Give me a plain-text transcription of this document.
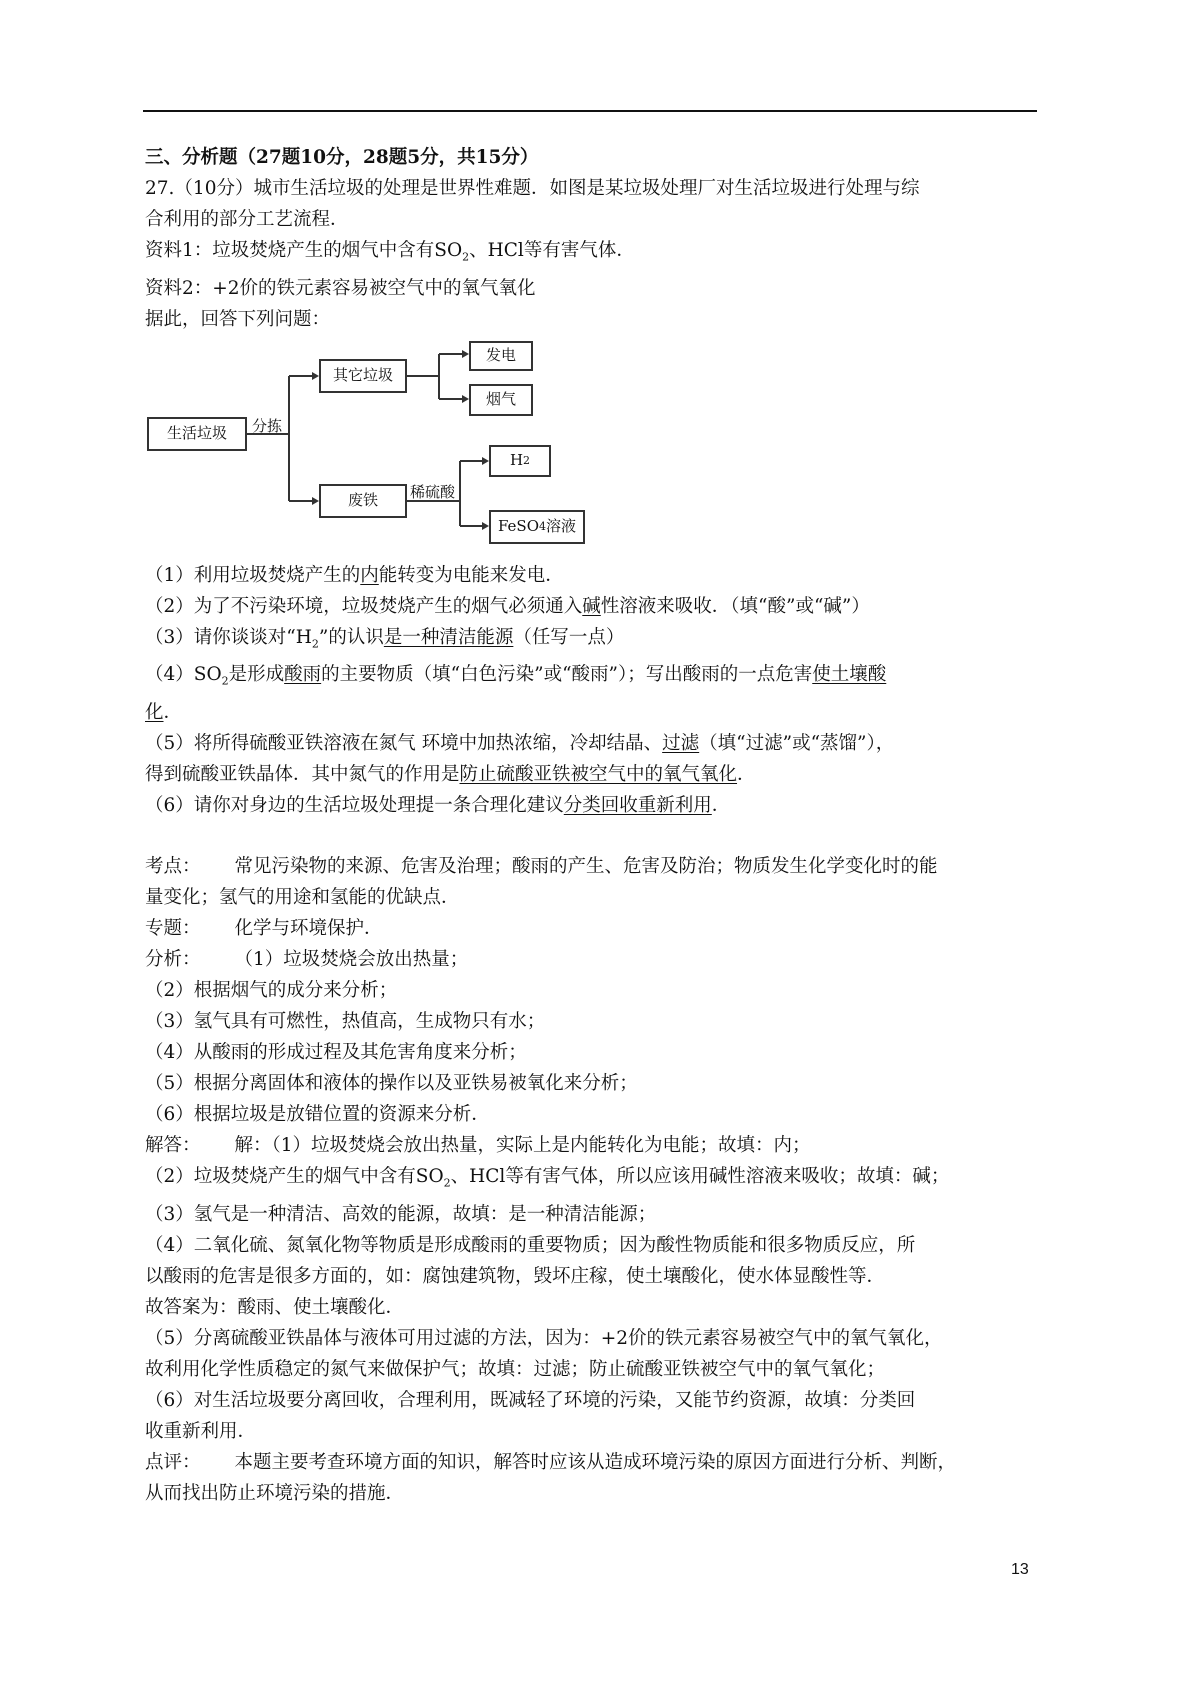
三、分析题（27题10分，28题5分，共15分）

27.（10分）城市生活垃圾的处理是世界性难题．如图是某垃圾处理厂对生活垃圾进行处理与综

合利用的部分工艺流程．

资料1：垃圾焚烧产生的烟气中含有$SO_2$、HCl等有害气体．

资料2：+2价的铁元素容易被空气中的氧气氧化

据此，回答下列问题：

生活垃圾 分拣
其它垃圾
废铁 稀硫酸
发电
烟气
H 2
FeSO 4 溶液

（1）利用垃圾焚烧产生的内能转变为电能来发电．

（2）为了不污染环境，垃圾焚烧产生的烟气必须通入碱性溶液来吸收．（填“酸”或“碱”）

（3）请你谈谈对“$H_2$”的认识是一种清洁能源（任写一点）

$(4)SO_2$是形成酸雨的主要物质（填“白色污染”或“酸雨”）；写出酸雨的一点危害使土壤酸

化．

（5）将所得硫酸亚铁溶液在氮气 环境中加热浓缩，冷却结晶、过滤（填“过滤”或“蒸馏”），

得到硫酸亚铁晶体．其中氮气的作用是防止硫酸亚铁被空气中的氧气氧化．

（6）请你对身边的生活垃圾处理提一条合理化建议分类回收重新利用．

考点： 常见污染物的来源、危害及治理；酸雨的产生、危害及防治；物质发生化学变化时的能

量变化；氢气的用途和氢能的优缺点．

专题： 化学与环境保护．

分析： （1）垃圾焚烧会放出热量；

（2）根据烟气的成分来分析；

（3）氢气具有可燃性，热值高，生成物只有水；

（4）从酸雨的形成过程及其危害角度来分析；

（5）根据分离固体和液体的操作以及亚铁易被氧化来分析；

（6）根据垃圾是放错位置的资源来分析．

解答： 解：（1）垃圾焚烧会放出热量，实际上是内能转化为电能；故填：内；

（2）垃圾焚烧产生的烟气中含有$SO_2$、HCl等有害气体，所以应该用碱性溶液来吸收；故填：碱；

（3）氢气是一种清洁、高效的能源，故填：是一种清洁能源；

（4）二氧化硫、氮氧化物等物质是形成酸雨的重要物质；因为酸性物质能和很多物质反应，所

以酸雨的危害是很多方面的，如：腐蚀建筑物，毁坏庄稼，使土壤酸化，使水体显酸性等．

故答案为：酸雨、使土壤酸化．

（5）分离硫酸亚铁晶体与液体可用过滤的方法，因为：+2价的铁元素容易被空气中的氧气氧化，

故利用化学性质稳定的氮气来做保护气；故填：过滤；防止硫酸亚铁被空气中的氧气氧化；

（6）对生活垃圾要分离回收，合理利用，既减轻了环境的污染，又能节约资源，故填：分类回

收重新利用．

点评： 本题主要考查环境方面的知识，解答时应该从造成环境污染的原因方面进行分析、判断，

从而找出防止环境污染的措施．

13
